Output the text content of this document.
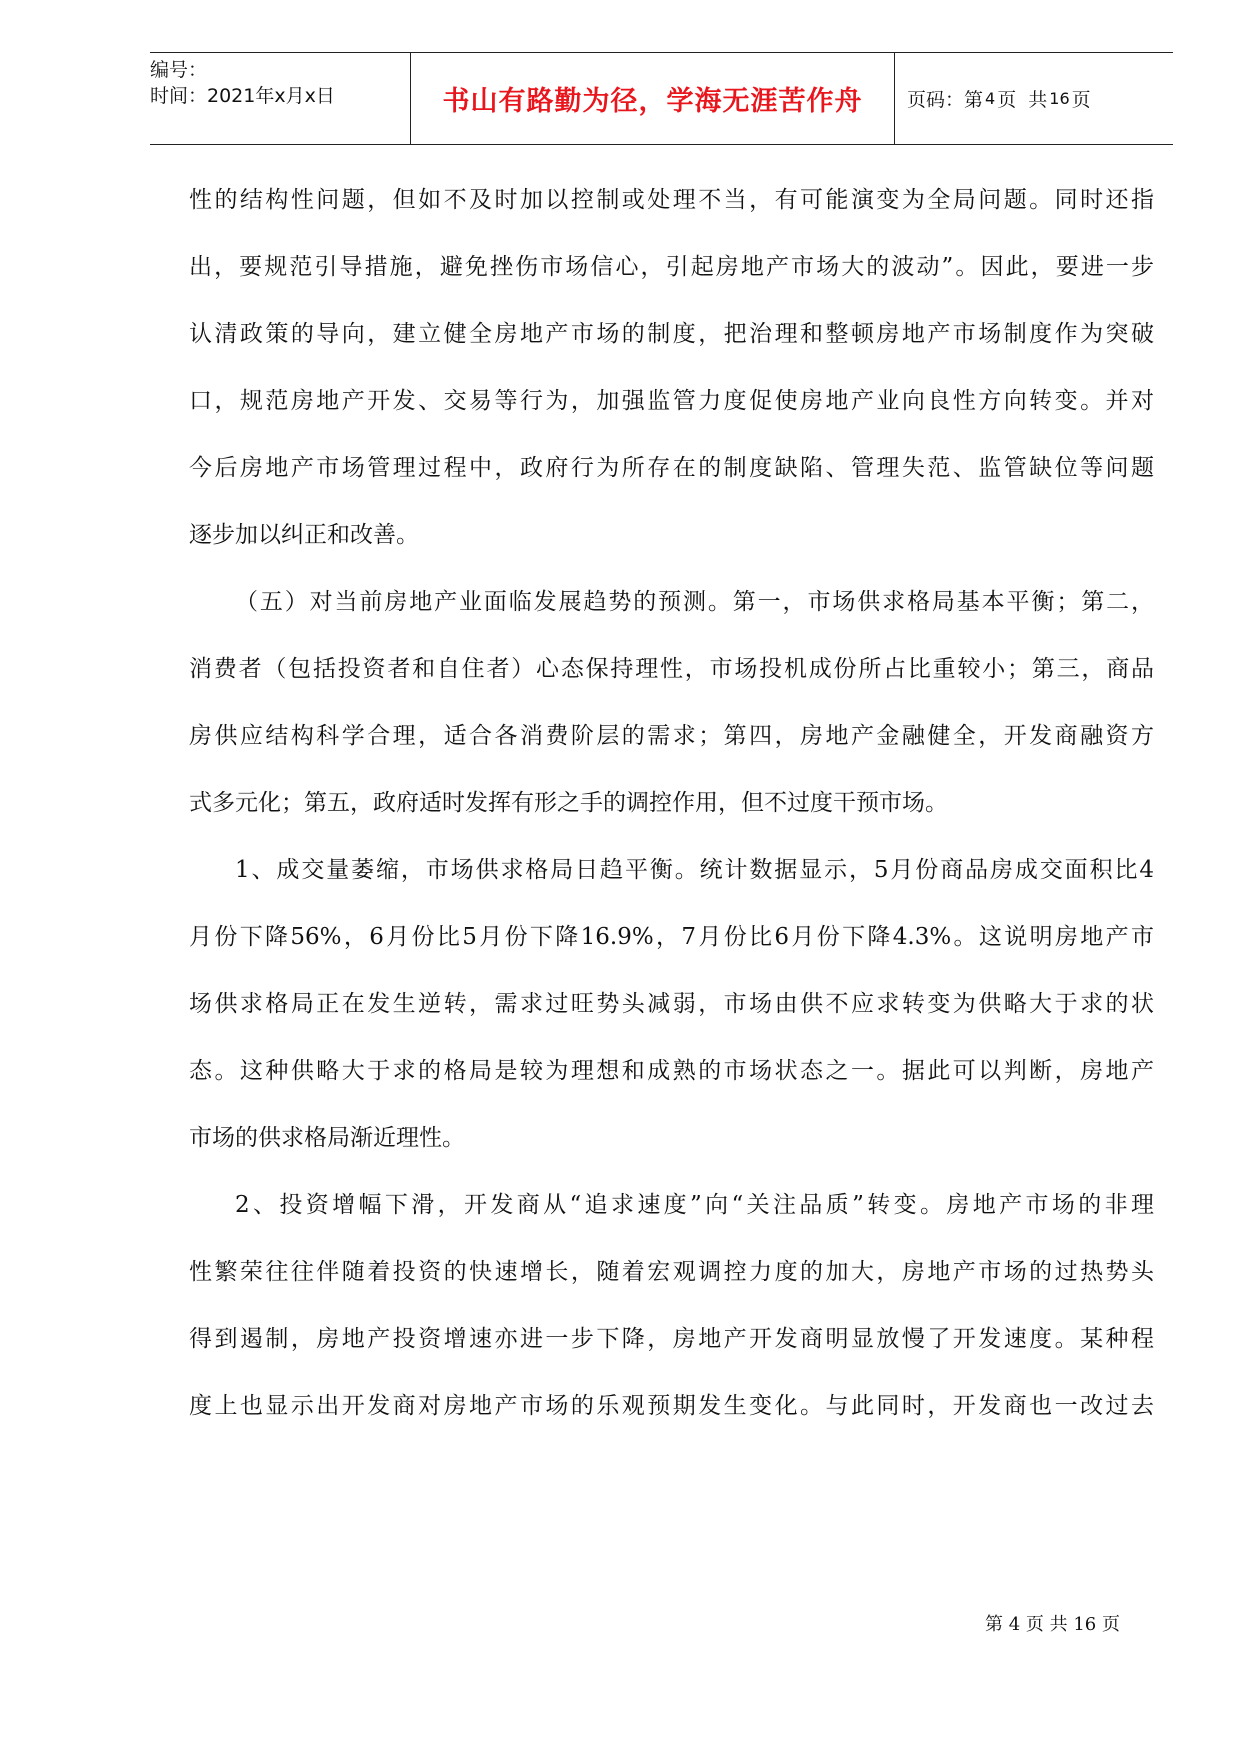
编号：
时间：2021年x月x日	书山有路勤为径，学海无涯苦作舟 页码：第 4 页  共 16 页
性的结构性问题，但如不及时加以控制或处理不当，有可能演变为全局问题。同时还指
出，要规范引导措施，避免挫伤市场信心，引起房地产市场大的波动”。因此，要进一步
认清政策的导向，建立健全房地产市场的制度，把治理和整顿房地产市场制度作为突破
口，规范房地产开发、交易等行为，加强监管力度促使房地产业向良性方向转变。并对
今后房地产市场管理过程中，政府行为所存在的制度缺陷、管理失范、监管缺位等问题
逐步加以纠正和改善。
（五）对当前房地产业面临发展趋势的预测。第一，市场供求格局基本平衡；第二，
消费者（包括投资者和自住者）心态保持理性，市场投机成份所占比重较小；第三，商品
房供应结构科学合理，适合各消费阶层的需求；第四，房地产金融健全，开发商融资方
式多元化；第五，政府适时发挥有形之手的调控作用，但不过度干预市场。
1、成交量萎缩，市场供求格局日趋平衡。统计数据显示，5月份商品房成交面积比4
月份下降56%，6月份比5月份下降16.9%，7月份比6月份下降4.3%。这说明房地产市
场供求格局正在发生逆转，需求过旺势头减弱，市场由供不应求转变为供略大于求的状
态。这种供略大于求的格局是较为理想和成熟的市场状态之一。据此可以判断，房地产
市场的供求格局渐近理性。
2、投资增幅下滑，开发商从“追求速度”向“关注品质”转变。房地产市场的非理
性繁荣往往伴随着投资的快速增长，随着宏观调控力度的加大，房地产市场的过热势头
得到遏制，房地产投资增速亦进一步下降，房地产开发商明显放慢了开发速度。某种程
度上也显示出开发商对房地产市场的乐观预期发生变化。与此同时，开发商也一改过去
第 4 页 共 16 页
